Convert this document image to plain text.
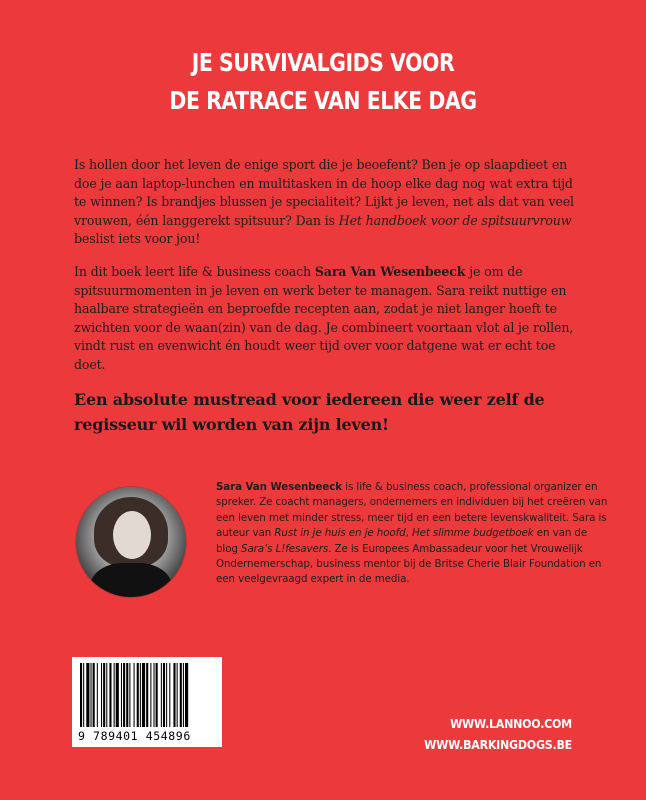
JE SURVIVALGIDS VOOR
DE RATRACE VAN ELKE DAG
Is hollen door het leven de enige sport die je beoefent? Ben je op slaapdieet en doe je aan laptop-lunchen en multitasken in de hoop elke dag nog wat extra tijd te winnen? Is brandjes blussen je specialiteit? Lijkt je leven, net als dat van veel vrouwen, één langgerekt spitsuur? Dan is Het handboek voor de spitsuurvrouw beslist iets voor jou!
In dit boek leert life & business coach Sara Van Wesenbeeck je om de spitsuurmomenten in je leven en werk beter te managen. Sara reikt nuttige en haalbare strategieën en beproefde recepten aan, zodat je niet langer hoeft te zwichten voor de waan(zin) van de dag. Je combineert voortaan vlot al je rollen, vindt rust en evenwicht én houdt weer tijd over voor datgene wat er echt toe doet.
Een absolute mustread voor iedereen die weer zelf de regisseur wil worden van zijn leven!
Sara Van Wesenbeeck is life & business coach, professional organizer en spreker. Ze coacht managers, ondernemers en individuen bij het creëren van een leven met minder stress, meer tijd en een betere levenskwaliteit. Sara is auteur van Rust in je huis en je hoofd, Het slimme budgetboek en van de blog Sara’s L!fesavers. Ze is Europees Ambassadeur voor het Vrouwelijk Ondernemerschap, business mentor bij de Britse Cherie Blair Foundation en een veelgevraagd expert in de media.
9 789401 454896
WWW.LANNOO.COM
WWW.BARKINGDOGS.BE
